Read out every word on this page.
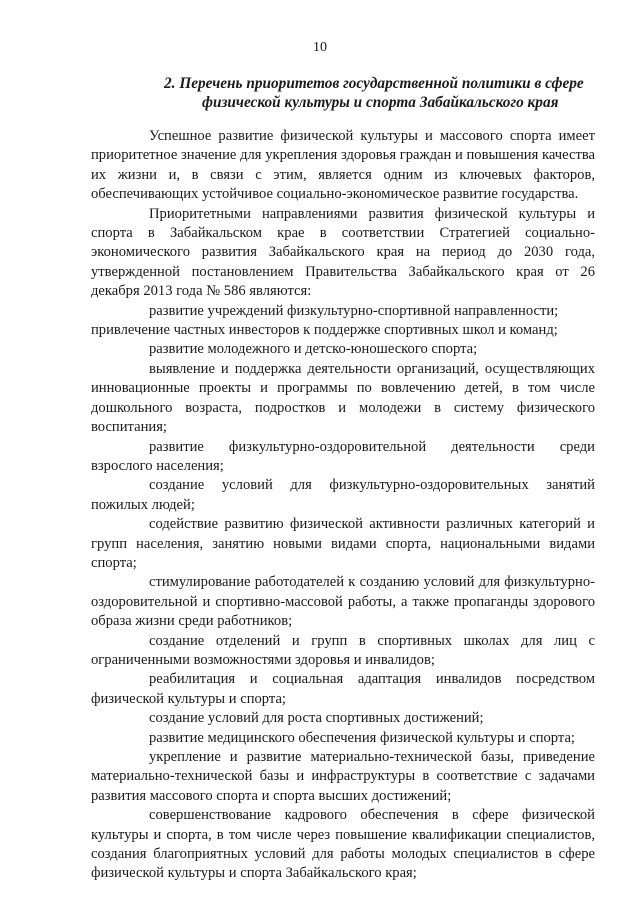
10
2. Перечень приоритетов государственной политики в сфере
физической культуры и спорта Забайкальского края
Успешное развитие физической культуры и массового спорта имеет приоритетное значение для укрепления здоровья граждан и повышения качества их жизни и, в связи с этим, является одним из ключевых факторов, обеспечивающих устойчивое социально-экономическое развитие государства.
Приоритетными направлениями развития физической культуры и спорта в Забайкальском крае в соответствии Стратегией социально-экономического развития Забайкальского края на период до 2030 года, утвержденной постановлением Правительства Забайкальского края от 26 декабря 2013 года № 586 являются:
развитие учреждений физкультурно-спортивной направленности;
привлечение частных инвесторов к поддержке спортивных школ и команд;
развитие молодежного и детско-юношеского спорта;
выявление и поддержка деятельности организаций, осуществляющих инновационные проекты и программы по вовлечению детей, в том числе дошкольного возраста, подростков и молодежи в систему физического воспитания;
развитие физкультурно-оздоровительной деятельности среди взрослого населения;
создание условий для физкультурно-оздоровительных занятий пожилых людей;
содействие развитию физической активности различных категорий и групп населения, занятию новыми видами спорта, национальными видами спорта;
стимулирование работодателей к созданию условий для физкультурно-оздоровительной и спортивно-массовой работы, а также пропаганды здорового образа жизни среди работников;
создание отделений и групп в спортивных школах для лиц с ограниченными возможностями здоровья и инвалидов;
реабилитация и социальная адаптация инвалидов посредством физической культуры и спорта;
создание условий для роста спортивных достижений;
развитие медицинского обеспечения физической культуры и спорта;
укрепление и развитие материально-технической базы, приведение материально-технической базы и инфраструктуры в соответствие с задачами развития массового спорта и спорта высших достижений;
совершенствование кадрового обеспечения в сфере физической культуры и спорта, в том числе через повышение квалификации специалистов, создания благоприятных условий для работы молодых специалистов в сфере физической культуры и спорта Забайкальского края;
